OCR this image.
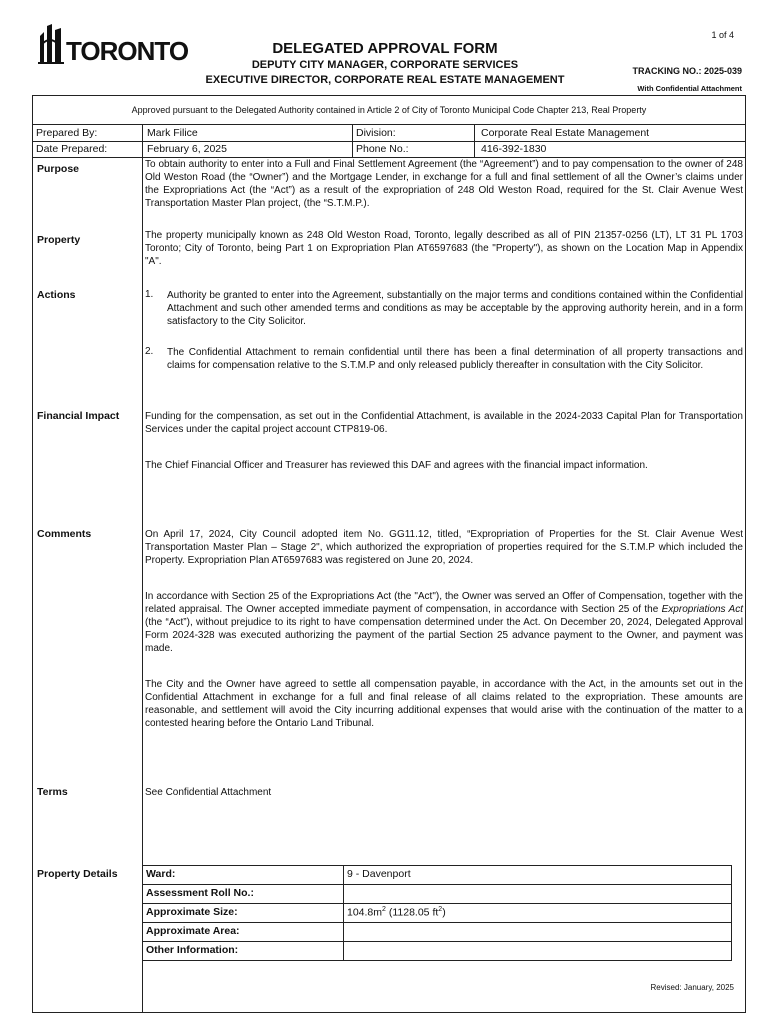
TORONTO
1 of 4
DELEGATED APPROVAL FORM
DEPUTY CITY MANAGER, CORPORATE SERVICES
EXECUTIVE DIRECTOR, CORPORATE REAL ESTATE MANAGEMENT
TRACKING NO.: 2025-039
With Confidential Attachment
Approved pursuant to the Delegated Authority contained in Article 2 of City of Toronto Municipal Code Chapter 213, Real Property
Prepared By:	Mark Filice	Division:	Corporate Real Estate Management
Date Prepared:	February 6, 2025	Phone No.:	416-392-1830
Purpose	To obtain authority to enter into a Full and Final Settlement Agreement (the “Agreement”) and to pay compensation to the owner of 248 Old Weston Road (the “Owner”) and the Mortgage Lender, in exchange for a full and final settlement of all the Owner’s claims under the Expropriations Act (the “Act”) as a result of the expropriation of 248 Old Weston Road, required for the St. Clair Avenue West Transportation Master Plan project, (the “S.T.M.P.).
Property	The property municipally known as 248 Old Weston Road, Toronto, legally described as all of PIN 21357-0256 (LT), LT 31 PL 1703 Toronto; City of Toronto, being Part 1 on Expropriation Plan AT6597683 (the "Property"), as shown on the Location Map in Appendix "A".
Actions	1. Authority be granted to enter into the Agreement, substantially on the major terms and conditions contained within the Confidential Attachment and such other amended terms and conditions as may be acceptable by the approving authority herein, and in a form satisfactory to the City Solicitor.
2. The Confidential Attachment to remain confidential until there has been a final determination of all property transactions and claims for compensation relative to the S.T.M.P and only released publicly thereafter in consultation with the City Solicitor.
Financial Impact	Funding for the compensation, as set out in the Confidential Attachment, is available in the 2024-2033 Capital Plan for Transportation Services under the capital project account CTP819-06.
The Chief Financial Officer and Treasurer has reviewed this DAF and agrees with the financial impact information.
Comments	On April 17, 2024, City Council adopted item No. GG11.12, titled, “Expropriation of Properties for the St. Clair Avenue West Transportation Master Plan – Stage 2", which authorized the expropriation of properties required for the S.T.M.P which included the Property. Expropriation Plan AT6597683 was registered on June 20, 2024.
In accordance with Section 25 of the Expropriations Act (the "Act"), the Owner was served an Offer of Compensation, together with the related appraisal. The Owner accepted immediate payment of compensation, in accordance with Section 25 of the Expropriations Act (the “Act”), without prejudice to its right to have compensation determined under the Act. On December 20, 2024, Delegated Approval Form 2024-328 was executed authorizing the payment of the partial Section 25 advance payment to the Owner, and payment was made.
The City and the Owner have agreed to settle all compensation payable, in accordance with the Act, in the amounts set out in the Confidential Attachment in exchange for a full and final release of all claims related to the expropriation. These amounts are reasonable, and settlement will avoid the City incurring additional expenses that would arise with the continuation of the matter to a contested hearing before the Ontario Land Tribunal.
Terms	See Confidential Attachment
Property Details	Ward:	9 - Davenport
Assessment Roll No.:	
Approximate Size:	$104.8m^2$ (1128.05 $ft^2$)
Approximate Area:	
Other Information:	
Revised: January, 2025
